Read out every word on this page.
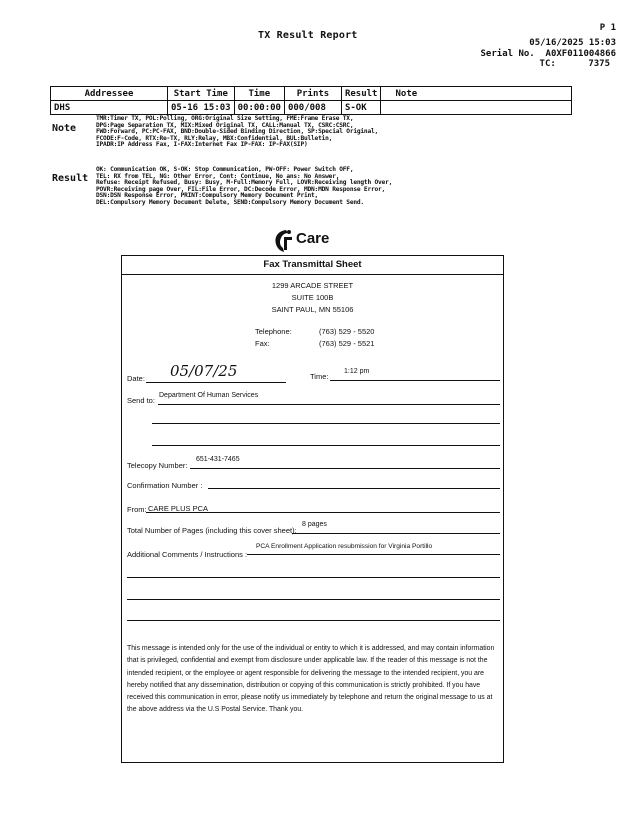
TX Result Report
P 1
05/16/2025 15:03
Serial No. A0XF011004866
TC:	7375
Addressee	Start Time	Time	Prints	Result	Note
DHS	05-16 15:03	00:00:00	000/008	S-OK	
Note
TMR:Timer TX, POL:Polling, ORG:Original Size Setting, FME:Frame Erase TX,
DPG:Page Separation TX, MIX:Mixed Original TX, CALL:Manual TX, CSRC:CSRC,
FWD:Forward, PC:PC-FAX, BND:Double-Sided Binding Direction, SP:Special Original,
FCODE:F-Code, RTX:Re-TX, RLY:Relay, MBX:Confidential, BUL:Bulletin,
IPADR:IP Address Fax, I-FAX:Internet Fax IP-FAX: IP-FAX(SIP)
Result
OK: Communication OK, S-OK: Stop Communication, PW-OFF: Power Switch OFF,
TEL: RX from TEL, NG: Other Error, Cont: Continue, No ans: No Answer,
Refuse: Receipt Refused, Busy: Busy, M-Full:Memory Full, LOVR:Receiving length Over,
POVR:Receiving page Over, FIL:File Error, DC:Decode Error, MDN:MDN Response Error,
DSN:DSN Response Error, PRINT:Compulsory Memory Document Print,
DEL:Compulsory Memory Document Delete, SEND:Compulsory Memory Document Send.
Care
Fax Transmittal Sheet
1299 ARCADE STREET
SUITE 100B
SAINT PAUL, MN 55106
Telephone:	(763) 529 - 5520
Fax:	(763) 529 - 5521
Date: 05/07/25	Time:
1:12 pm
Send to:
Department Of Human Services
Telecopy Number:
651-431-7465
Confirmation Number :
From: CARE PLUS PCA
Total Number of Pages (including this cover sheet):
8 pages
Additional Comments / Instructions :
PCA Enrollment Application resubmission for Virginia Portillo
This message is intended only for the use of the individual or entity to which it is addressed, and may contain information that is privileged, confidential and exempt from disclosure under applicable law. If the reader of this message is not the intended recipient, or the employee or agent responsible for delivering the message to the intended recipient, you are hereby notified that any dissemination, distribution or copying of this communication is strictly prohibited. If you have received this communication in error, please notify us immediately by telephone and return the original message to us at the above address via the U.S Postal Service. Thank you.
